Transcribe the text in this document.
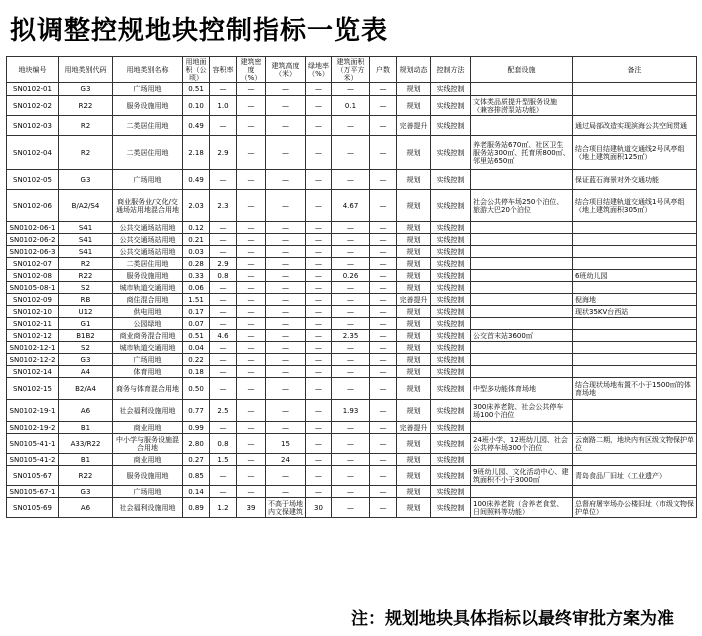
拟调整控规地块控制指标一览表
地块编号	用地类别代码	用地类别名称	用地面积（公顷）	容积率	建筑密度（%）	建筑高度（米）	绿地率（%）	建筑面积（万平方米）	户数	规划动态	控制方法	配套设施	备注
SN0102-01	G3	广场用地	0.51	—	—	—	—	—	—	规划	实线控制		
SN0102-02	R22	服务设施用地	0.10	1.0	—	—	—	0.1	—	规划	实线控制	文体类品质提升型服务设施（兼容排涝泵站功能）	
SN0102-03	R2	二类居住用地	0.49	—	—	—	—	—	—	完善提升	实线控制		通过局部改造实现滨海公共空间贯通
SN0102-04	R2	二类居住用地	2.18	2.9	—	—	—	—	—	规划	实线控制	养老服务站670㎡、社区卫生服务站300㎡、托育所800㎡、邻里站650㎡	结合项目结建轨道交通线2号风亭组（地上建筑面积125㎡）
SN0102-05	G3	广场用地	0.49	—	—	—	—	—	—	规划	实线控制		保证蓝石海景对外交通功能
SN0102-06	B/A2/S4	商业服务业/文化/交通场站用地混合用地	2.03	2.3	—	—	—	4.67	—	规划	实线控制	社会公共停车场250个泊位、旅游大巴20个泊位	结合项目结建轨道交通线1号风亭组（地上建筑面积305㎡）
SN0102-06-1	S41	公共交通场站用地	0.12	—	—	—	—	—	—	规划	实线控制		
SN0102-06-2	S41	公共交通场站用地	0.21	—	—	—	—	—	—	规划	实线控制		
SN0102-06-3	S41	公共交通场站用地	0.03	—	—	—	—	—	—	规划	实线控制		
SN0102-07	R2	二类居住用地	0.28	2.9	—	—	—	—	—	规划	实线控制		
SN0102-08	R22	服务设施用地	0.33	0.8	—	—	—	0.26	—	规划	实线控制		6班幼儿园
SN0105-08-1	S2	城市轨道交通用地	0.06	—	—	—	—	—	—	规划	实线控制		
SN0102-09	RB	商住混合用地	1.51	—	—	—	—	—	—	完善提升	实线控制		倪海地
SN0102-10	U12	供电用地	0.17	—	—	—	—	—	—	规划	实线控制		现状35KV台西站
SN0102-11	G1	公园绿地	0.07	—	—	—	—	—	—	规划	实线控制		
SN0102-12	B1B2	商业商务混合用地	0.51	4.6	—	—	—	2.35	—	规划	实线控制	公交首末站3600㎡	
SN0102-12-1	S2	城市轨道交通用地	0.04	—	—	—	—	—	—	规划	实线控制		
SN0102-12-2	G3	广场用地	0.22	—	—	—	—	—	—	规划	实线控制		
SN0102-14	A4	体育用地	0.18	—	—	—	—	—	—	规划	实线控制		
SN0102-15	B2/A4	商务与体育混合用地	0.50	—	—	—	—	—	—	规划	实线控制	中型多功能体育场地	结合现状场地布置不小于1500㎡的体育场地
SN0102-19-1	A6	社会福利设施用地	0.77	2.5	—	—	—	1.93	—	规划	实线控制	300床养老院、社会公共停车场100个泊位	
SN0102-19-2	B1	商业用地	0.99	—	—	—	—	—	—	完善提升	实线控制		
SN0105-41-1	A33/R22	中小学与服务设施混合用地	2.80	0.8	—	15	—	—	—	规划	实线控制	24班小学、12班幼儿园、社会公共停车场300个泊位	云南路二期，地块内有区级文物保护单位
SN0105-41-2	B1	商业用地	0.27	1.5	—	24	—	—	—	规划	实线控制		
SN0105-67	R22	服务设施用地	0.85	—	—	—	—	—	—	规划	实线控制	9班幼儿园、文化活动中心、建筑面积不小于3000㎡	青岛食品厂旧址（工业遗产）
SN0105-67-1	G3	广场用地	0.14	—	—	—	—	—	—	规划	实线控制		
SN0105-69	A6	社会福利设施用地	0.89	1.2	39	不高于场地内文保建筑	30	—	—	规划	实线控制	100床养老院（含养老食堂、日间照料等功能）	总督府屠宰场办公楼旧址（市级文物保护单位）
注：规划地块具体指标以最终审批方案为准
